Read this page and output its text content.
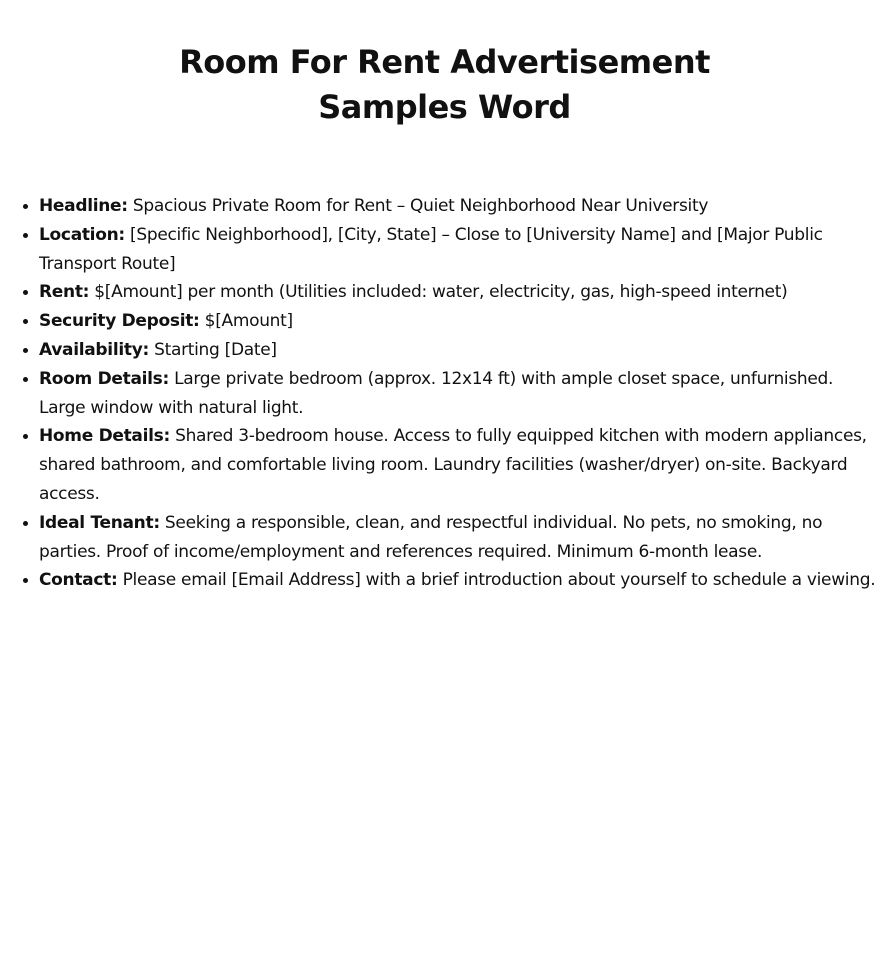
Room For Rent Advertisement
Samples Word
• Headline: Spacious Private Room for Rent – Quiet Neighborhood Near University
• Location: [Specific Neighborhood], [City, State] – Close to [University Name] and [Major Public Transport Route]
• Rent: $[Amount] per month (Utilities included: water, electricity, gas, high-speed internet)
• Security Deposit: $[Amount]
• Availability: Starting [Date]
• Room Details: Large private bedroom (approx. 12x14 ft) with ample closet space, unfurnished. Large window with natural light.
• Home Details: Shared 3-bedroom house. Access to fully equipped kitchen with modern appliances, shared bathroom, and comfortable living room. Laundry facilities (washer/dryer) on-site. Backyard access.
• Ideal Tenant: Seeking a responsible, clean, and respectful individual. No pets, no smoking, no parties. Proof of income/employment and references required. Minimum 6-month lease.
• Contact: Please email [Email Address] with a brief introduction about yourself to schedule a viewing.
